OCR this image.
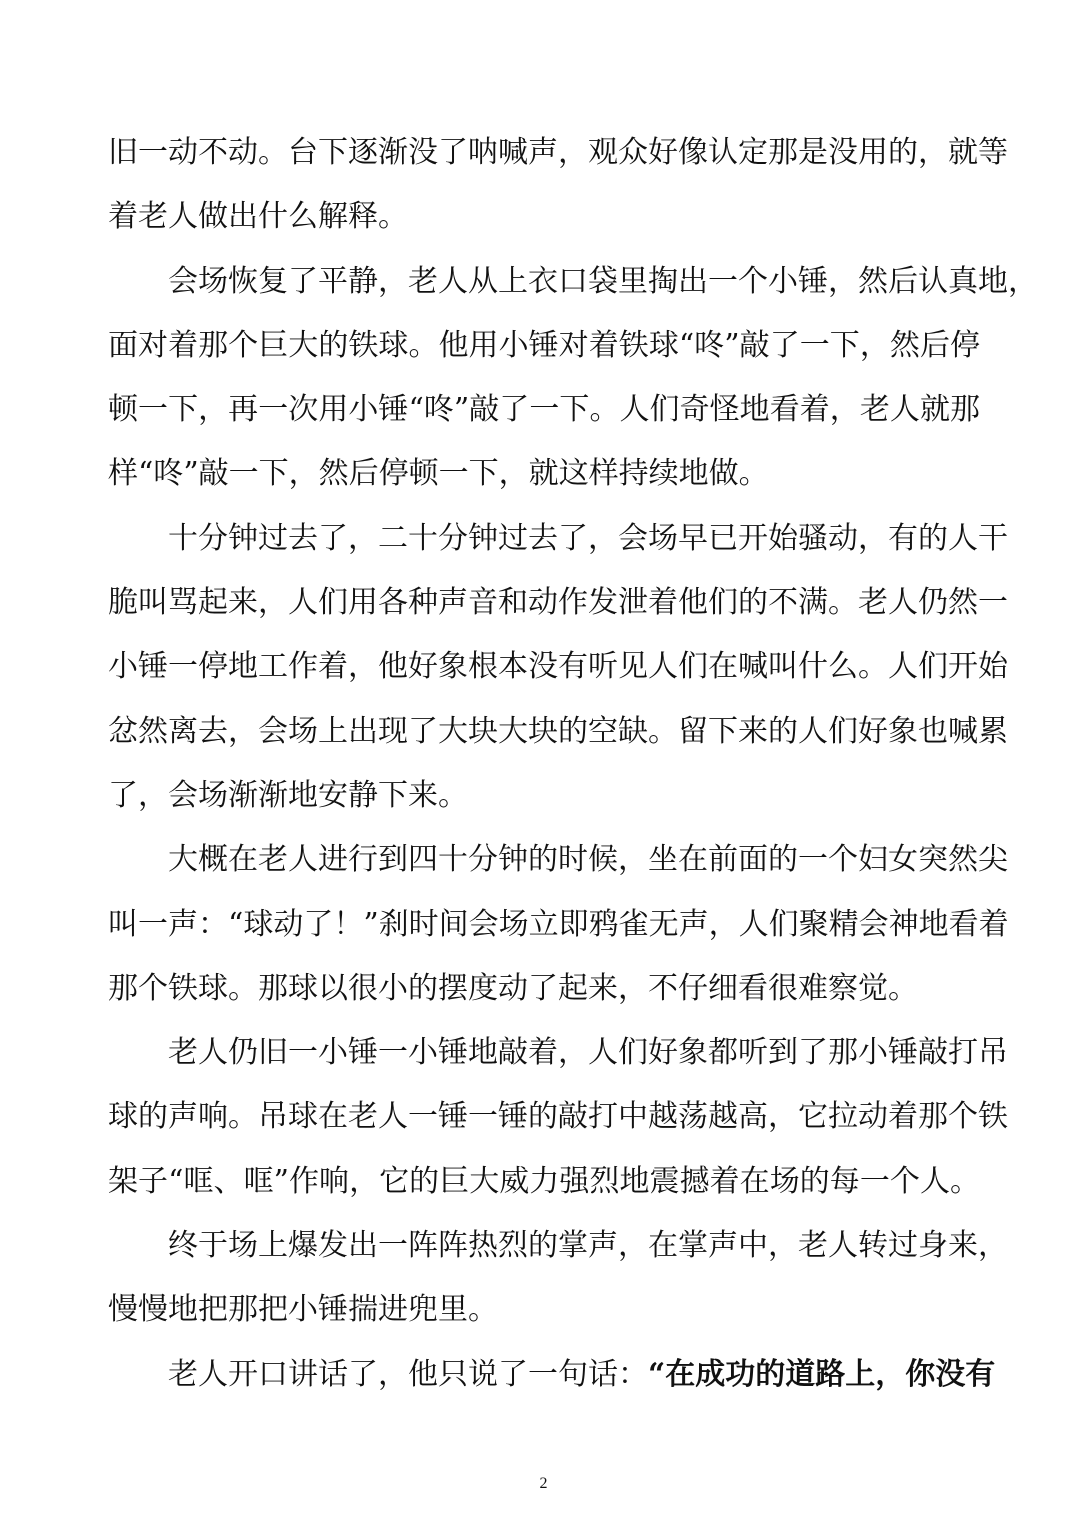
旧一动不动。台下逐渐没了呐喊声，观众好像认定那是没用的，就等
着老人做出什么解释。
会场恢复了平静，老人从上衣口袋里掏出一个小锤，然后认真地，
面对着那个巨大的铁球。他用小锤对着铁球“咚”敲了一下，然后停
顿一下，再一次用小锤“咚”敲了一下。人们奇怪地看着，老人就那
样“咚”敲一下，然后停顿一下，就这样持续地做。
十分钟过去了，二十分钟过去了，会场早已开始骚动，有的人干
脆叫骂起来，人们用各种声音和动作发泄着他们的不满。老人仍然一
小锤一停地工作着，他好象根本没有听见人们在喊叫什么。人们开始
忿然离去，会场上出现了大块大块的空缺。留下来的人们好象也喊累
了，会场渐渐地安静下来。
大概在老人进行到四十分钟的时候，坐在前面的一个妇女突然尖
叫一声：“球动了！”刹时间会场立即鸦雀无声，人们聚精会神地看着
那个铁球。那球以很小的摆度动了起来，不仔细看很难察觉。
老人仍旧一小锤一小锤地敲着，人们好象都听到了那小锤敲打吊
球的声响。吊球在老人一锤一锤的敲打中越荡越高，它拉动着那个铁
架子“哐、哐”作响，它的巨大威力强烈地震撼着在场的每一个人。
终于场上爆发出一阵阵热烈的掌声，在掌声中，老人转过身来，
慢慢地把那把小锤揣进兜里。
老人开口讲话了，他只说了一句话：“在成功的道路上，你没有
2
